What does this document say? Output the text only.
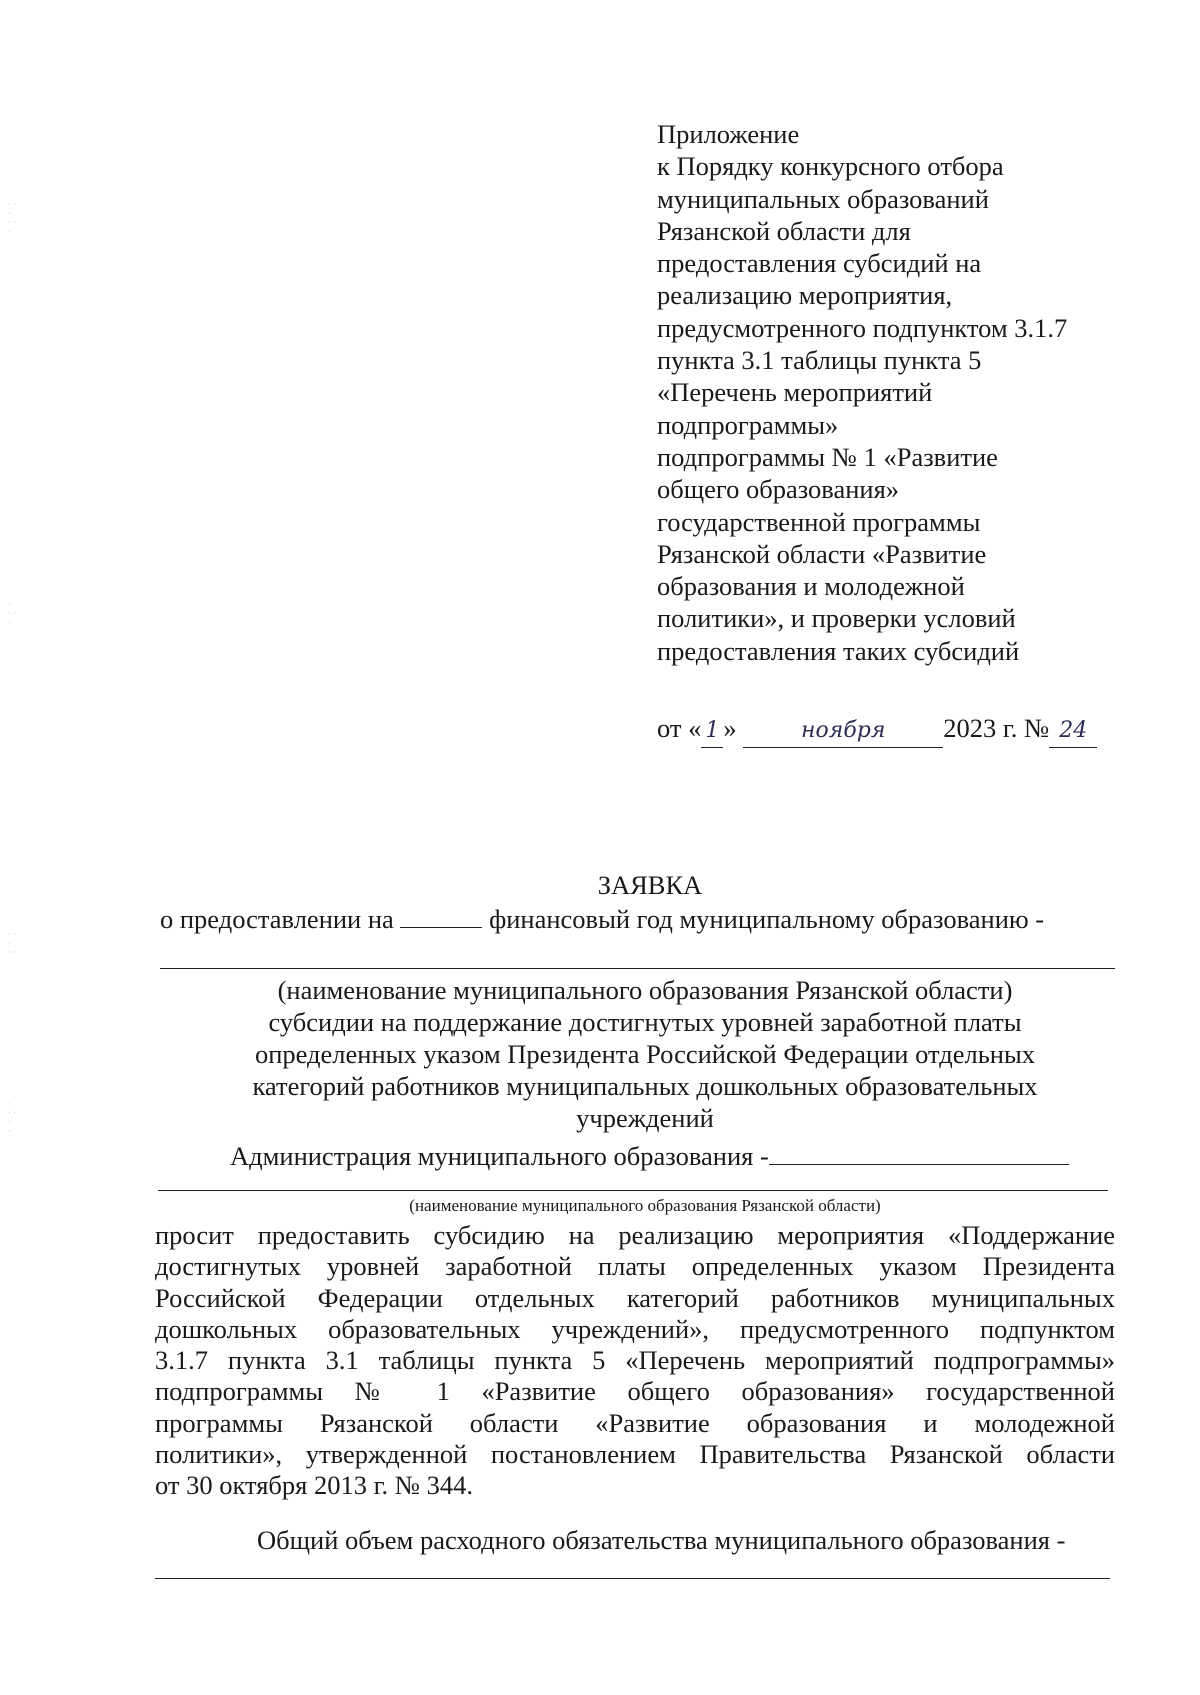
· ·
·
· ·
·
·
· ·
·
· ·
·
· ·
·
· ·
·
·
Приложение
к Порядку конкурсного отбора
муниципальных образований
Рязанской области для
предоставления субсидий на
реализацию мероприятия,
предусмотренного подпунктом 3.1.7
пункта 3.1 таблицы пункта 5
«Перечень мероприятий
подпрограммы»
подпрограммы № 1 «Развитие
общего образования»
государственной программы
Рязанской области «Развитие
образования и молодежной
политики», и проверки условий
предоставления таких субсидий
от « 1 »	ноября 2023 г. № 24
ЗАЯВКА
о предоставлении на	финансовый год муниципальному образованию -
(наименование муниципального образования Рязанской области)
субсидии на поддержание достигнутых уровней заработной платы
определенных указом Президента Российской Федерации отдельных
категорий работников муниципальных дошкольных образовательных
учреждений
Администрация муниципального образования -
(наименование муниципального образования Рязанской области)
просит предоставить субсидию на реализацию мероприятия «Поддержание
достигнутых уровней заработной платы определенных указом Президента
Российской Федерации отдельных категорий работников муниципальных
дошкольных образовательных учреждений», предусмотренного подпунктом
3.1.7 пункта 3.1 таблицы пункта 5 «Перечень мероприятий подпрограммы»
подпрограммы № 1 «Развитие общего образования» государственной
программы Рязанской области «Развитие образования и молодежной
политики», утвержденной постановлением Правительства Рязанской области
от 30 октября 2013 г. № 344.
Общий объем расходного обязательства муниципального образования -
